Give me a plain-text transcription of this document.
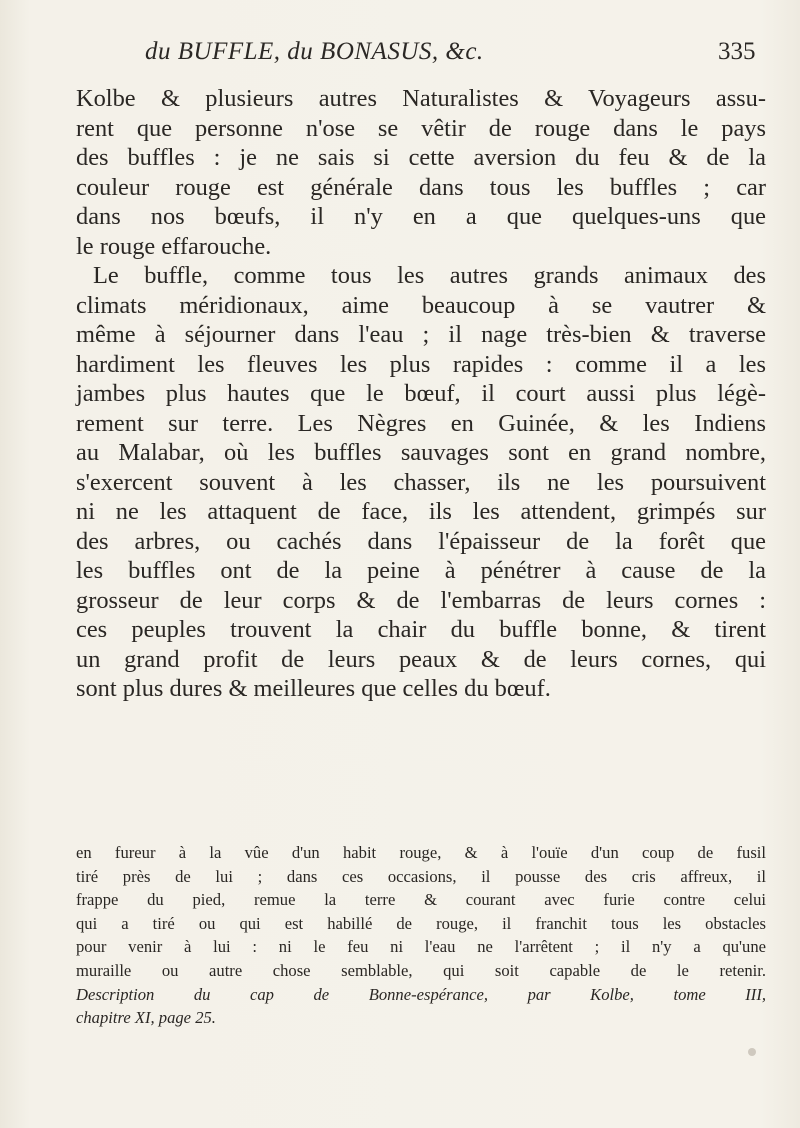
du BUFFLE, du BONASUS, &c.	335
Kolbe & plusieurs autres Naturalistes & Voyageurs assu-
rent que personne n'ose se vêtir de rouge dans le pays
des buffles : je ne sais si cette aversion du feu & de la
couleur rouge est générale dans tous les buffles ; car
dans nos bœufs, il n'y en a que quelques-uns que
le rouge effarouche.
Le buffle, comme tous les autres grands animaux des
climats méridionaux, aime beaucoup à se vautrer &
même à séjourner dans l'eau ; il nage très-bien & traverse
hardiment les fleuves les plus rapides : comme il a les
jambes plus hautes que le bœuf, il court aussi plus légè-
rement sur terre. Les Nègres en Guinée, & les Indiens
au Malabar, où les buffles sauvages sont en grand nombre,
s'exercent souvent à les chasser, ils ne les poursuivent
ni ne les attaquent de face, ils les attendent, grimpés sur
des arbres, ou cachés dans l'épaisseur de la forêt que
les buffles ont de la peine à pénétrer à cause de la
grosseur de leur corps & de l'embarras de leurs cornes :
ces peuples trouvent la chair du buffle bonne, & tirent
un grand profit de leurs peaux & de leurs cornes, qui
sont plus dures & meilleures que celles du bœuf.
en fureur à la vûe d'un habit rouge, & à l'ouïe d'un coup de fusil
tiré près de lui ; dans ces occasions, il pousse des cris affreux, il
frappe du pied, remue la terre & courant avec furie contre celui
qui a tiré ou qui est habillé de rouge, il franchit tous les obstacles
pour venir à lui : ni le feu ni l'eau ne l'arrêtent ; il n'y a qu'une
muraille ou autre chose semblable, qui soit capable de le retenir.
Description du cap de Bonne-espérance, par Kolbe, tome III,
chapitre XI, page 25.
